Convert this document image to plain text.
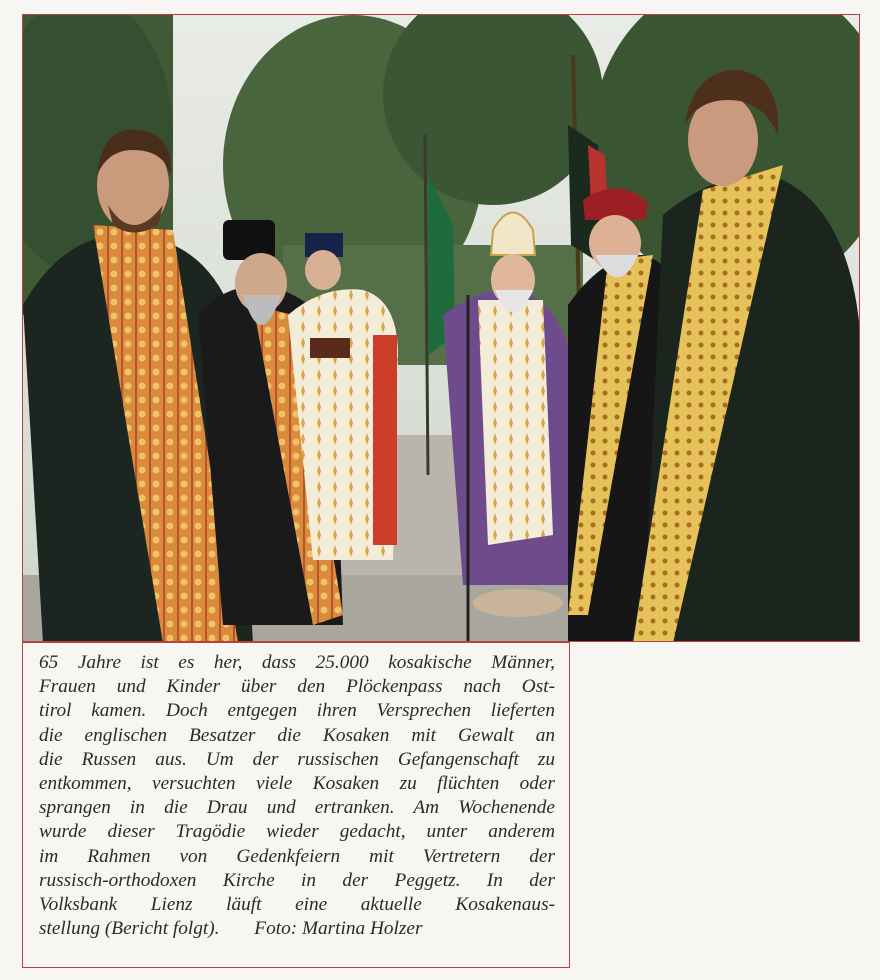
65 Jahre ist es her, dass 25.000 kosakische Männer,
Frauen und Kinder über den Plöckenpass nach Ost-
tirol kamen. Doch entgegen ihren Versprechen lieferten
die englischen Besatzer die Kosaken mit Gewalt an
die Russen aus. Um der russischen Gefangenschaft zu
entkommen, versuchten viele Kosaken zu flüchten oder
sprangen in die Drau und ertranken. Am Wochenende
wurde dieser Tragödie wieder gedacht, unter anderem
im Rahmen von Gedenkfeiern mit Vertretern der
russisch-orthodoxen Kirche in der Peggetz. In der
Volksbank Lienz läuft eine aktuelle Kosakenaus-
stellung (Bericht folgt). Foto: Martina Holzer
